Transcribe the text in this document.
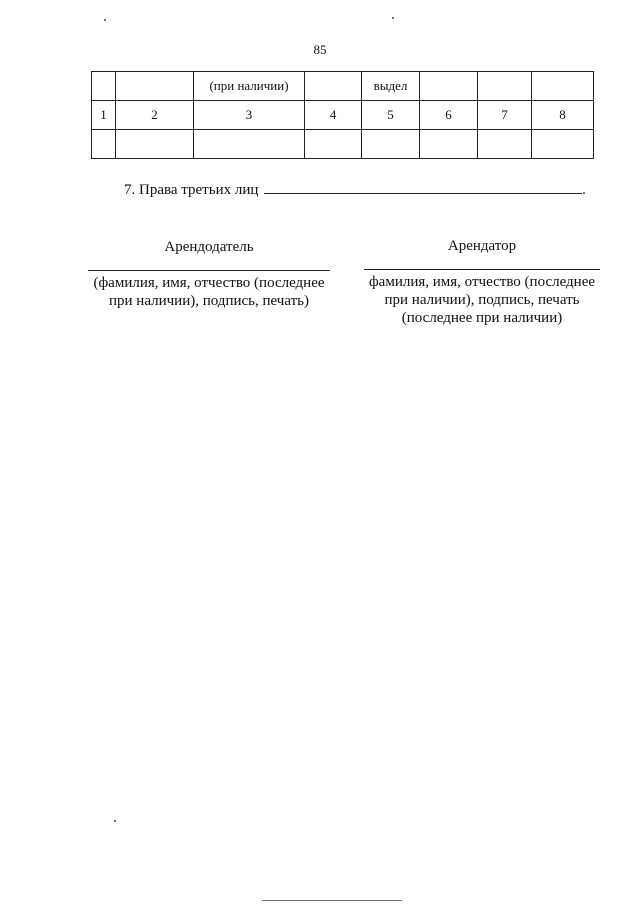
85
		(при наличии)		выдел			
1	2	3	4	5	6	7	8

7. Права третьих лиц	.
Арендодатель
(фамилия, имя, отчество (последнее при наличии), подпись, печать)
Арендатор
фамилия, имя, отчество (последнее при наличии), подпись, печать (последнее при наличии)
